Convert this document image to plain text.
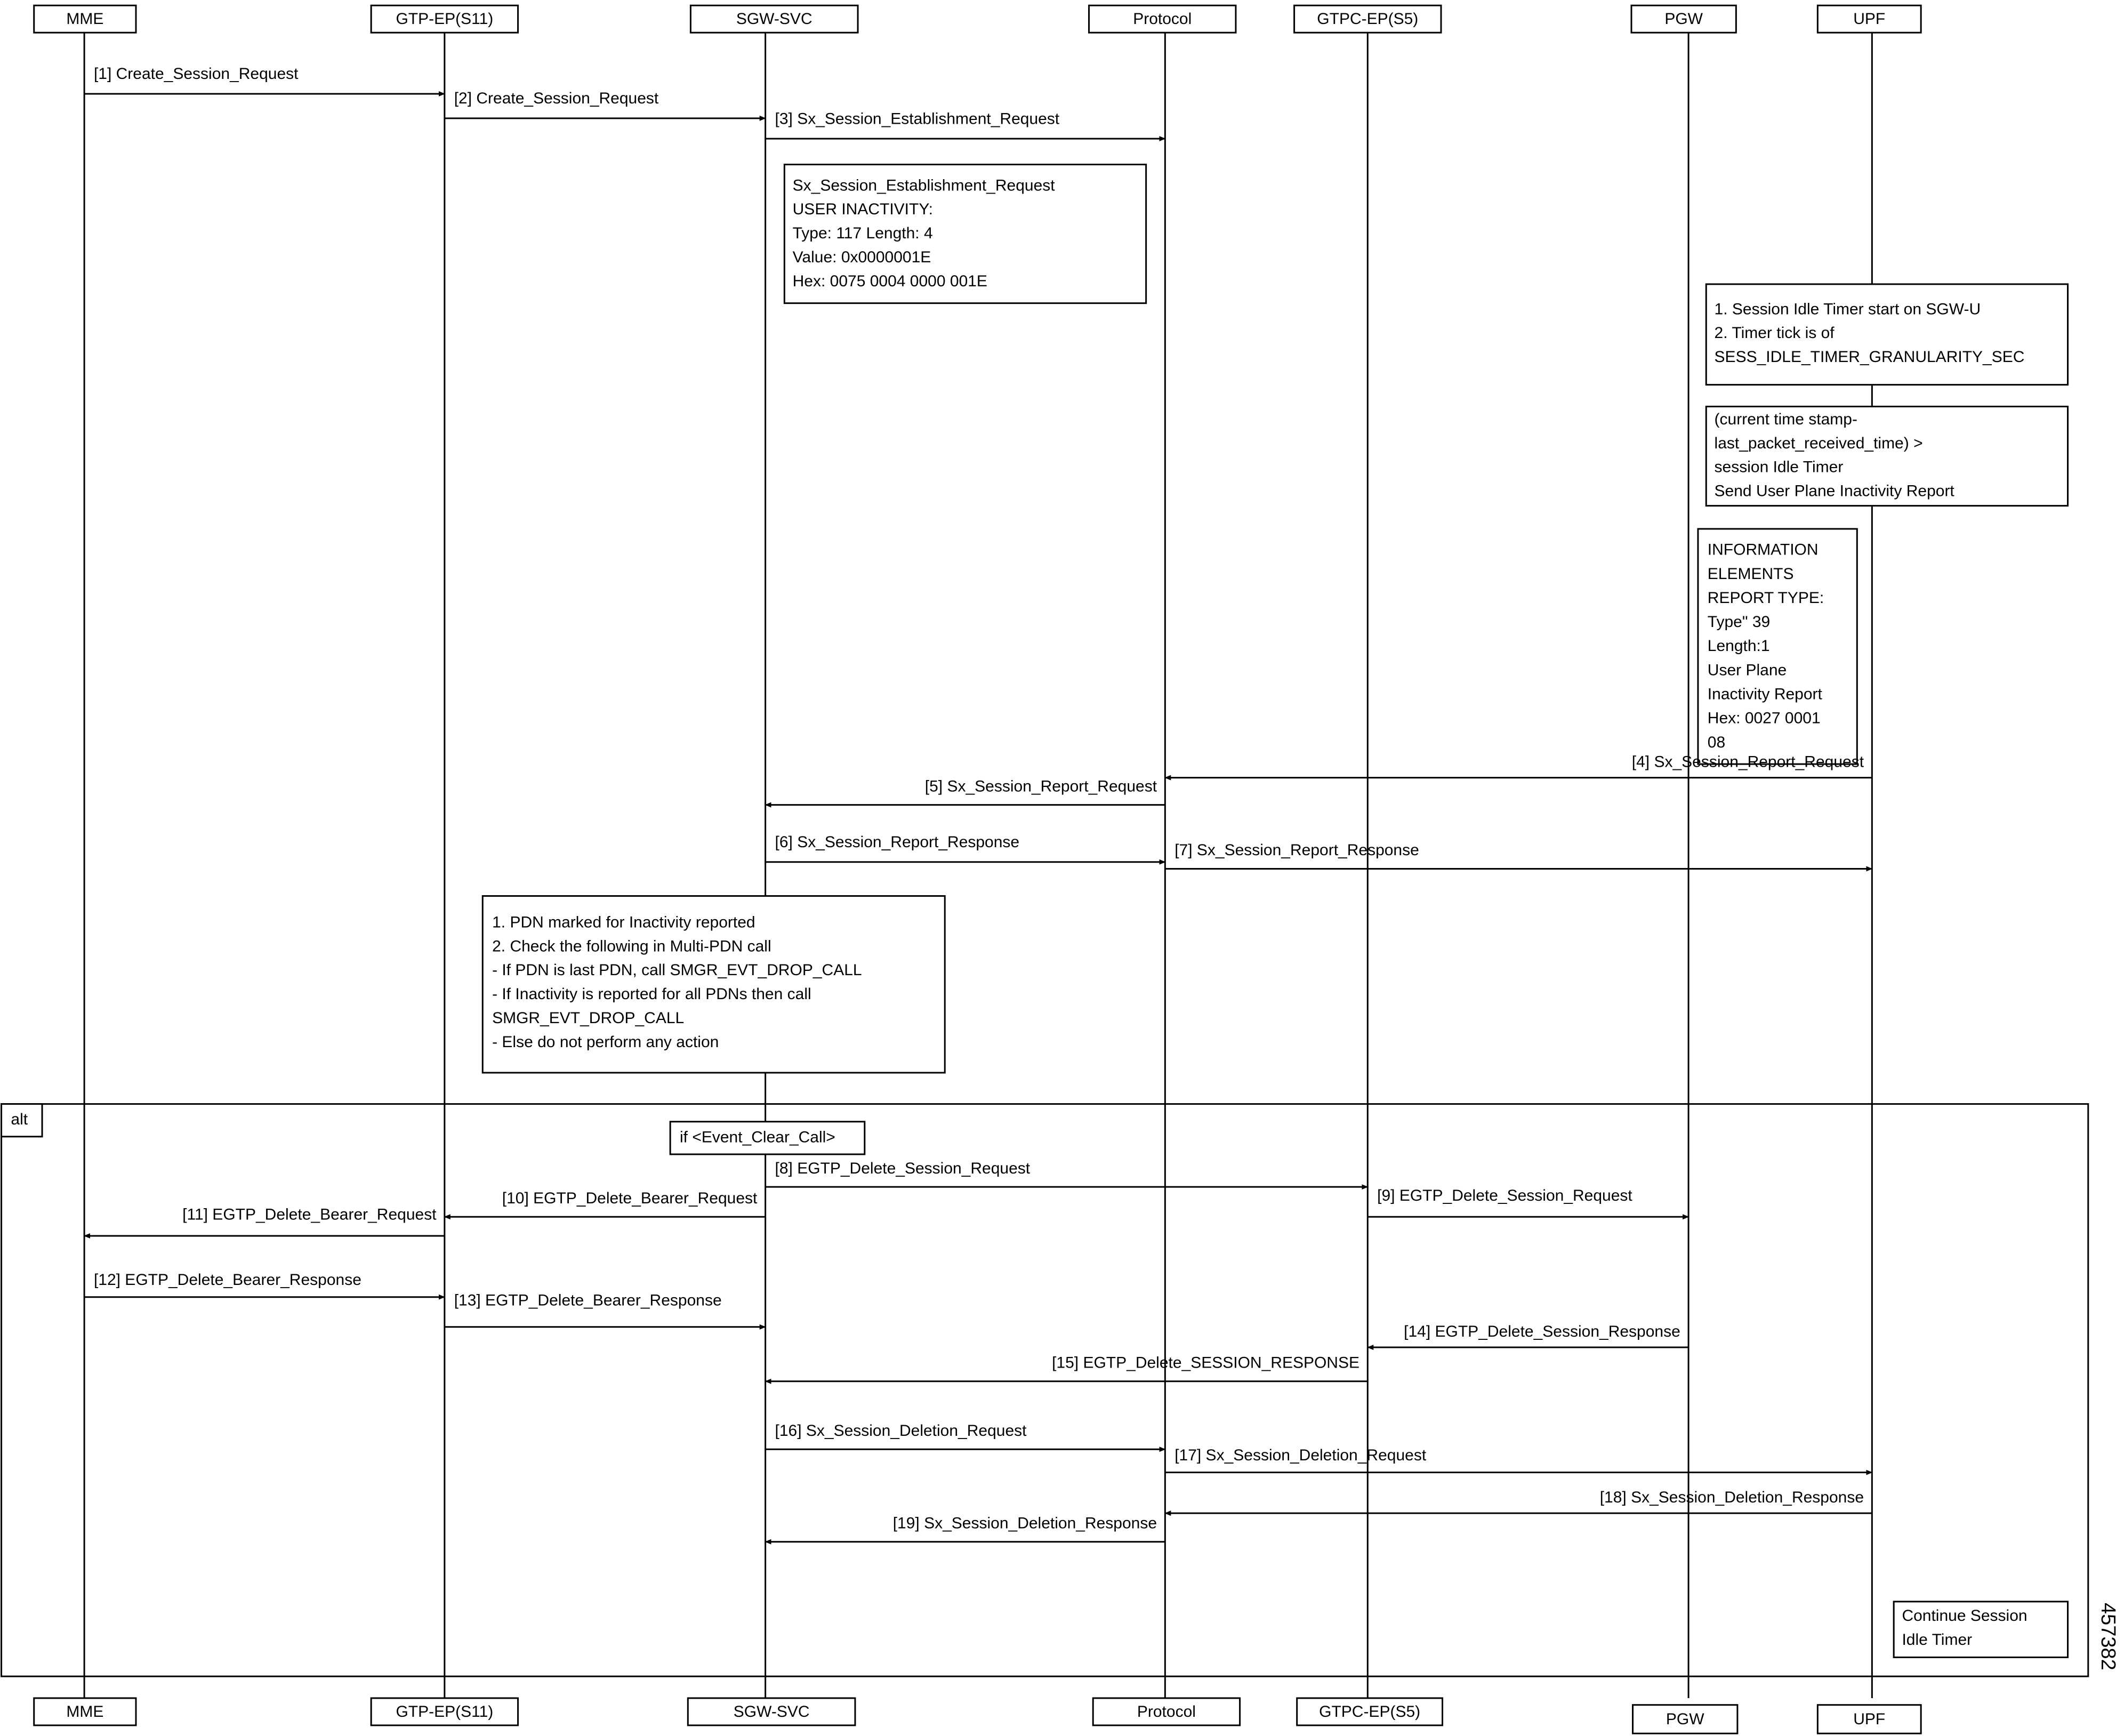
alt
Sx_Session_Establishment_Request
USER INACTIVITY:
Type: 117 Length: 4
Value: 0x0000001E
Hex: 0075 0004 0000 001E
1. Session Idle Timer start on SGW-U
2. Timer tick is of
SESS_IDLE_TIMER_GRANULARITY_SEC
(current time stamp-
last_packet_received_time) >
session Idle Timer
Send User Plane Inactivity Report
INFORMATION
ELEMENTS
REPORT TYPE:
Type" 39
Length:1
User Plane
Inactivity Report
Hex: 0027 0001
08
1. PDN marked for Inactivity reported
2. Check the following in Multi-PDN call
- If PDN is last PDN, call SMGR_EVT_DROP_CALL
- If Inactivity is reported for all PDNs then call
SMGR_EVT_DROP_CALL
- Else do not perform any action
if <Event_Clear_Call>
Continue Session
Idle Timer
[1] Create_Session_Request
[2] Create_Session_Request
[3] Sx_Session_Establishment_Request
[4] Sx_Session_Report_Request
[5] Sx_Session_Report_Request
[6] Sx_Session_Report_Response	[7] Sx_Session_Report_Response
[8] EGTP_Delete_Session_Request
[9] EGTP_Delete_Session_Request
[10] EGTP_Delete_Bearer_Request
[11] EGTP_Delete_Bearer_Request
[12] EGTP_Delete_Bearer_Response
[13] EGTP_Delete_Bearer_Response
[14] EGTP_Delete_Session_Response
[15] EGTP_Delete_SESSION_RESPONSE
[16] Sx_Session_Deletion_Request
[17] Sx_Session_Deletion_Request
[18] Sx_Session_Deletion_Response
[19] Sx_Session_Deletion_Response
MME
MME
GTP-EP(S11)
GTP-EP(S11)
SGW-SVC
SGW-SVC
Protocol
Protocol
GTPC-EP(S5)
GTPC-EP(S5)
PGW
PGW
UPF
UPF
457382
